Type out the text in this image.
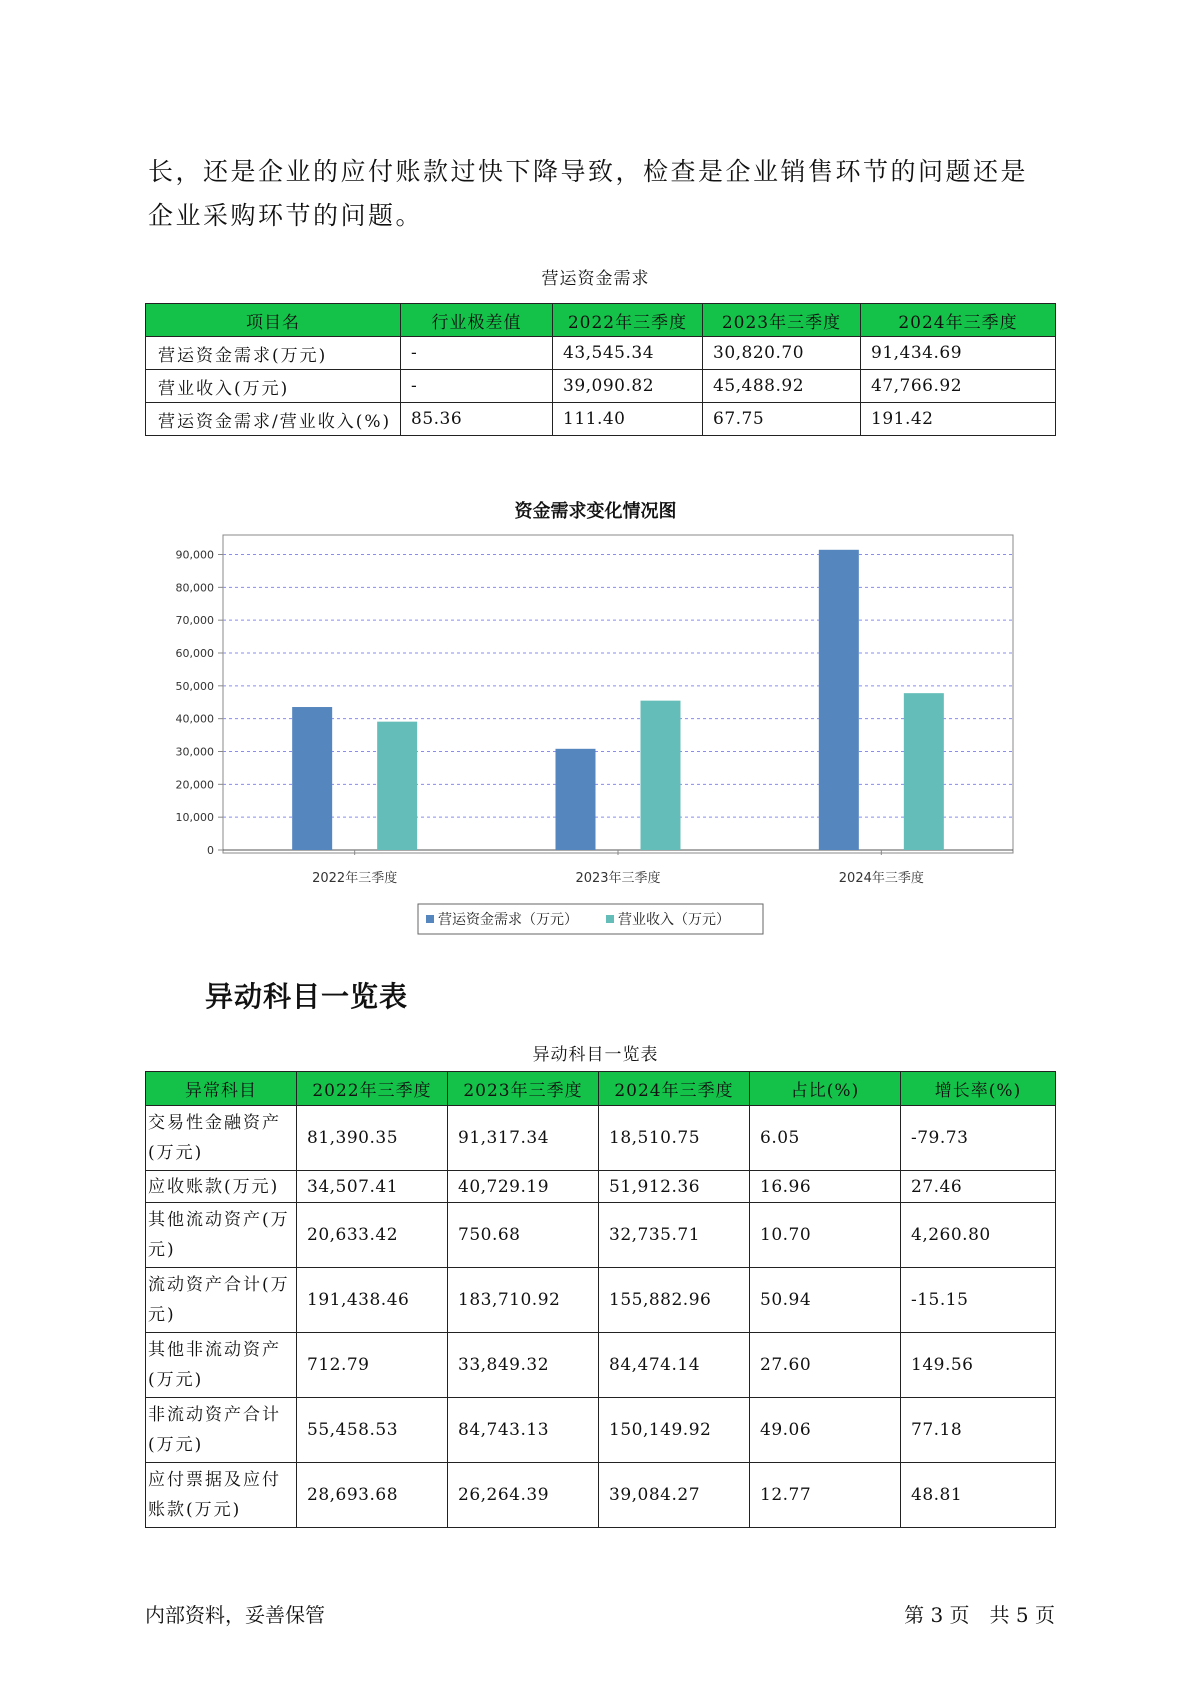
长，还是企业的应付账款过快下降导致，检查是企业销售环节的问题还是企业采购环节的问题。
营运资金需求
项目名	行业极差值	2022年三季度	2023年三季度	2024年三季度
营运资金需求(万元)	-	43,545.34	30,820.70	91,434.69
营业收入(万元)	-	39,090.82	45,488.92	47,766.92
营运资金需求/营业收入(%)	85.36	111.40	67.75	191.42
资金需求变化情况图
0
10,000
20,000
30,000
40,000
50,000
60,000
70,000
80,000
90,000
2022年三季度	2023年三季度	2024年三季度
营运资金需求（万元）	营业收入（万元）
异动科目一览表
异动科目一览表
异常科目	2022年三季度	2023年三季度	2024年三季度	占比(%)	增长率(%)
交易性金融资产(万元)	81,390.35	91,317.34	18,510.75	6.05	-79.73
应收账款(万元)	34,507.41	40,729.19	51,912.36	16.96	27.46
其他流动资产(万元)	20,633.42	750.68	32,735.71	10.70	4,260.80
流动资产合计(万元)	191,438.46	183,710.92	155,882.96	50.94	-15.15
其他非流动资产(万元)	712.79	33,849.32	84,474.14	27.60	149.56
非流动资产合计(万元)	55,458.53	84,743.13	150,149.92	49.06	77.18
应付票据及应付账款(万元)	28,693.68	26,264.39	39,084.27	12.77	48.81
内部资料，妥善保管	第 3 页　共 5 页
